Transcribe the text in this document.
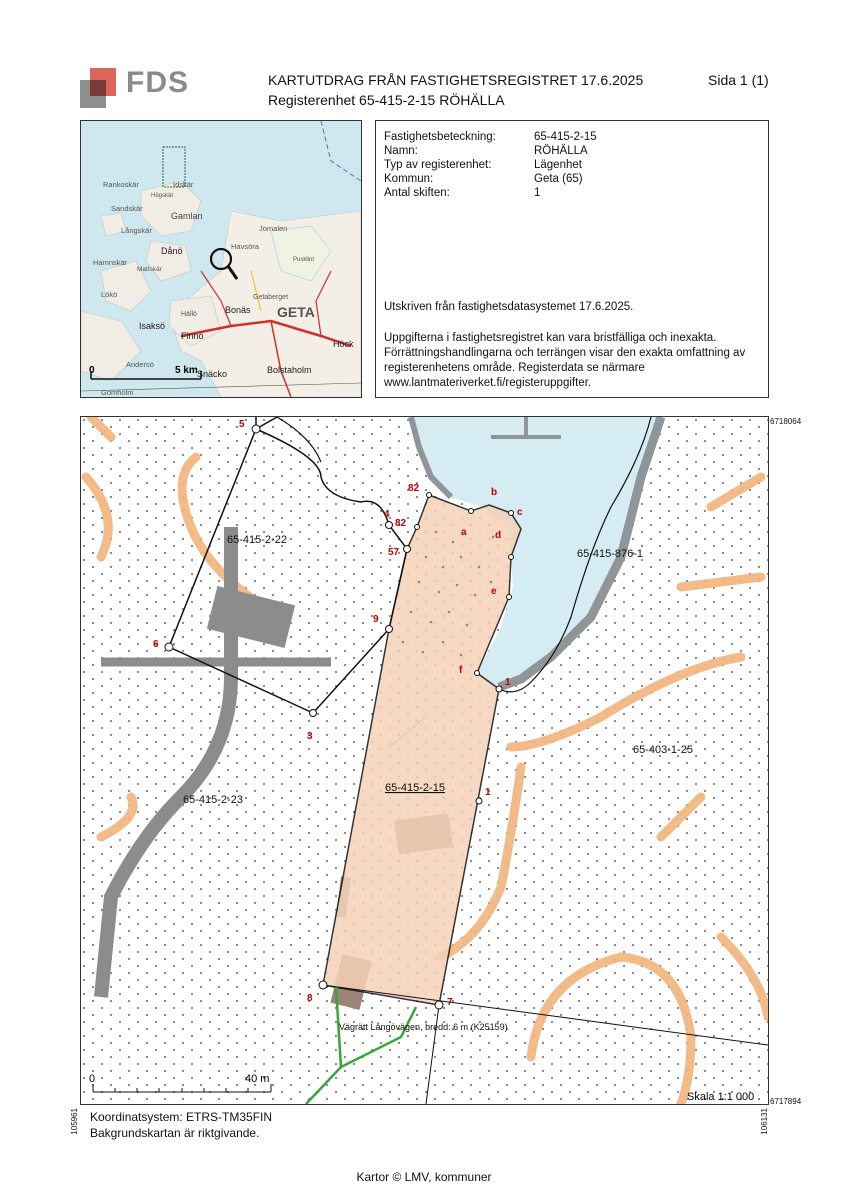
FDS	KARTUTDRAG FRÅN FASTIGHETSREGISTRET 17.6.2025
Registerenhet 65-415-2-15 RÖHÄLLA
Sida 1 (1)
Rankoskär	Idskär
Högskär
Sandskär
Gamlan
Långskär
Dånö	Havsöra
Jomalen
Hamnskär
Mattskär
Lökö
Bonäs
Getaberget
Hällö
Isaksö
Finnö
GETA
Andersö
Snäcko	Bolstaholm
Gomholm
Höck
Pusklint
0	5 km
Fastighetsbeteckning:	65-415-2-15
Namn:	RÖHÄLLA
Typ av registerenhet:	Lägenhet
Kommun:	Geta (65)
Antal skiften:	1
Utskriven från fastighetsdatasystemet 17.6.2025.
Uppgifterna i fastighetsregistret kan vara bristfälliga och inexakta. Förrättningshandlingarna och terrängen visar den exakta omfattning av registerenhetens område. Registerdata se närmare www.lantmateriverket.fi/registeruppgifter.
5
4
82
82
57
6
9
3
a
b
c
d
e
f
1
1
8	7
65-415-2-15
65-415-2-22
65-415-876-1
65-403-1-25
65-415-2-23
Vägrätt Långövägen, bredd: 6 m (K25159)
0	40 m
Skala 1:1 000
6718064
6717894
105961	106131
Koordinatsystem: ETRS-TM35FIN
Bakgrundskartan är riktgivande.
Kartor © LMV, kommuner
